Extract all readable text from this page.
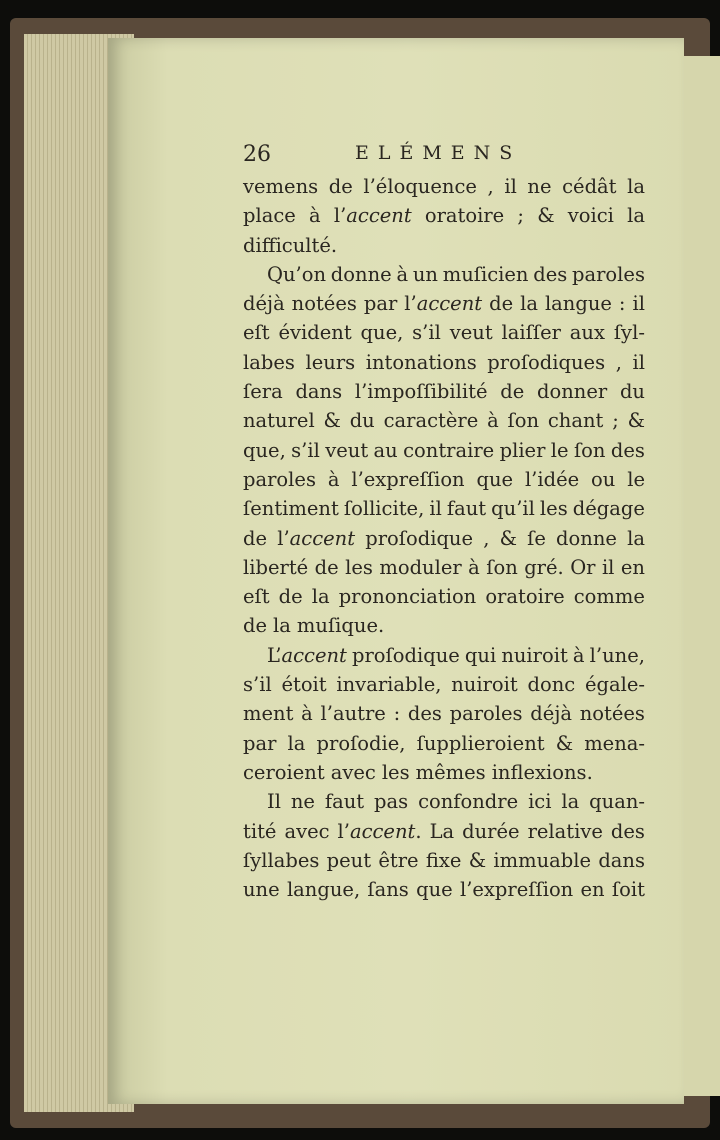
26	ELÉMENS
vemens de l’éloquence , il ne cédât la
place à l’accent oratoire ; & voici la
difficulté.
Qu’on donne à un muſicien des paroles
déjà notées par l’accent de la langue : il
eſt évident que, s’il veut laiſſer aux ſyl-
labes leurs intonations proſodiques , il
ſera dans l’impoſſibilité de donner du
naturel & du caractère à ſon chant ; &
que, s’il veut au contraire plier le ſon des
paroles à l’expreſſion que l’idée ou le
ſentiment ſollicite, il faut qu’il les dégage
de l’accent proſodique , & ſe donne la
liberté de les moduler à ſon gré. Or il en
eſt de la prononciation oratoire comme
de la muſique.
L’accent proſodique qui nuiroit à l’une,
s’il étoit invariable, nuiroit donc égale-
ment à l’autre : des paroles déjà notées
par la proſodie, ſupplieroient & mena-
ceroient avec les mêmes inflexions.
Il ne faut pas confondre ici la quan-
tité avec l’accent. La durée relative des
ſyllabes peut être fixe & immuable dans
une langue, ſans que l’expreſſion en ſoit
